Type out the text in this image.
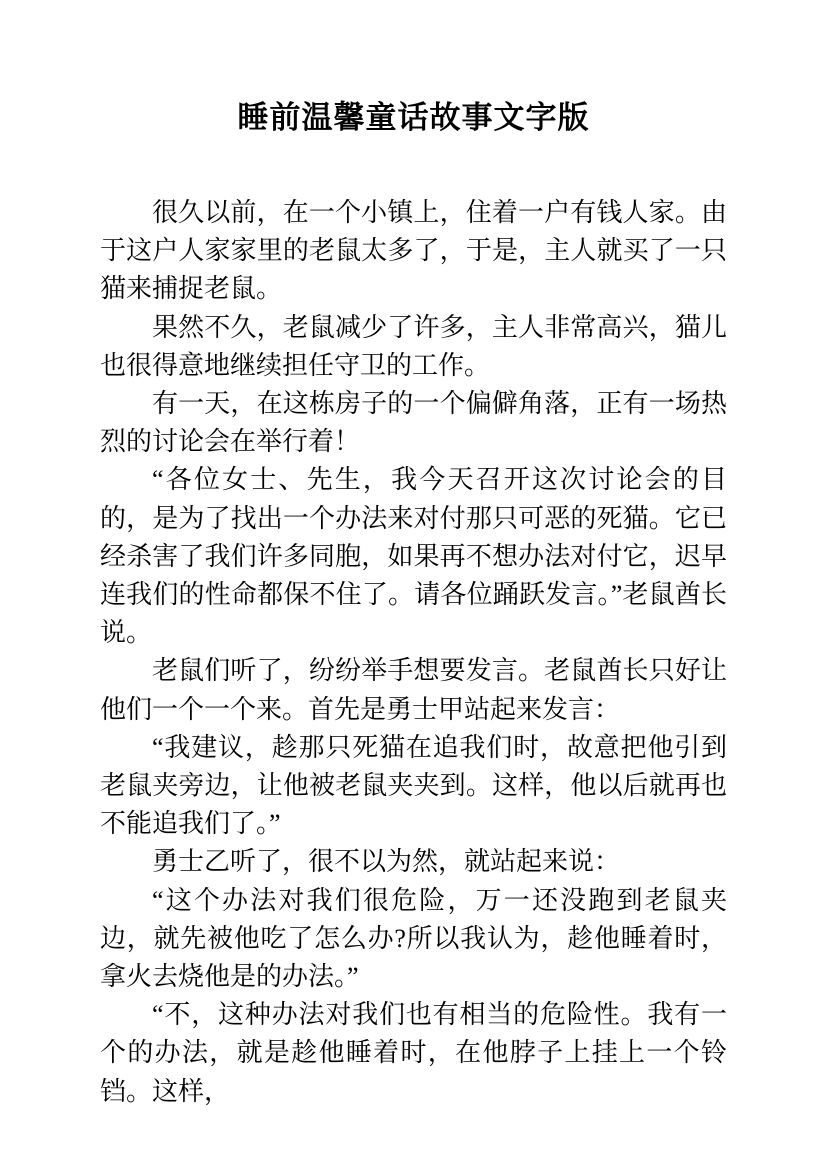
睡前温馨童话故事文字版

很久以前，在一个小镇上，住着一户有钱人家。由于这户人家家里的老鼠太多了，于是，主人就买了一只猫来捕捉老鼠。

果然不久，老鼠减少了许多，主人非常高兴，猫儿也很得意地继续担任守卫的工作。

有一天，在这栋房子的一个偏僻角落，正有一场热烈的讨论会在举行着！

“各位女士、先生，我今天召开这次讨论会的目的，是为了找出一个办法来对付那只可恶的死猫。它已经杀害了我们许多同胞，如果再不想办法对付它，迟早连我们的性命都保不住了。请各位踊跃发言。”老鼠酋长说。

老鼠们听了，纷纷举手想要发言。老鼠酋长只好让他们一个一个来。首先是勇士甲站起来发言：

“我建议，趁那只死猫在追我们时，故意把他引到老鼠夹旁边，让他被老鼠夹夹到。这样，他以后就再也不能追我们了。”

勇士乙听了，很不以为然，就站起来说：

“这个办法对我们很危险，万一还没跑到老鼠夹边，就先被他吃了怎么办?所以我认为，趁他睡着时，拿火去烧他是的办法。”

“不，这种办法对我们也有相当的危险性。我有一个的办法，就是趁他睡着时，在他脖子上挂上一个铃铛。这样，
